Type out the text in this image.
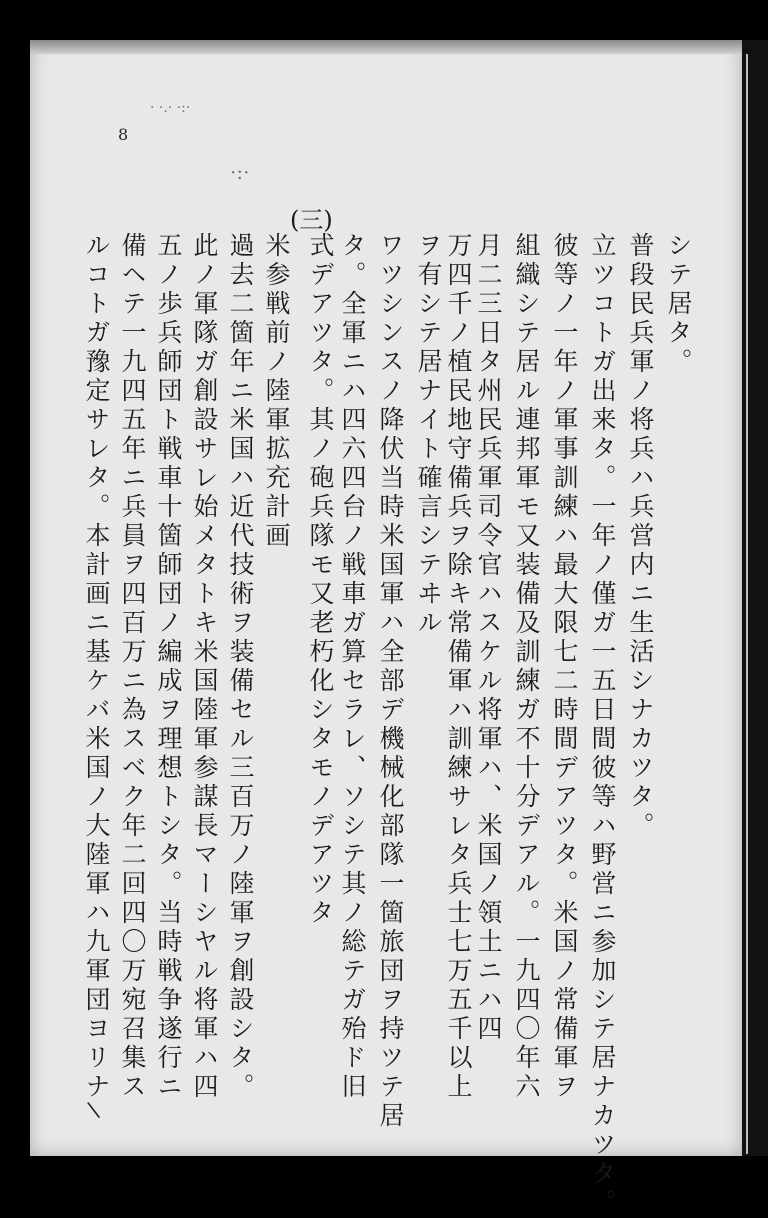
· ·.· ·:·
·:·
8
(三)
シテ居タ。
普段民兵軍ノ将兵ハ兵営内ニ生活シナカツタ。
立ツコトガ出来タ。一年ノ僅ガ一五日間彼等ハ野営ニ参加シテ居ナカツタ。
彼等ノ一年ノ軍事訓練ハ最大限七二時間デアツタ。米国ノ常備軍ヲ
組織シテ居ル連邦軍モ又装備及訓練ガ不十分デアル。一九四〇年六
月二三日タ州民兵軍司令官ハスケル将軍ハ、米国ノ領土ニハ四
万四千ノ植民地守備兵ヲ除キ常備軍ハ訓練サレタ兵士七万五千以上
ヲ有シテ居ナイト確言シテヰル
ワツシンスノ降伏当時米国軍ハ全部デ機械化部隊一箇旅団ヲ持ツテ居
タ。全軍ニハ四六四台ノ戦車ガ算セラレ、ソシテ其ノ総テガ殆ド旧
式デアツタ。其ノ砲兵隊モ又老朽化シタモノデアツタ
米参戦前ノ陸軍拡充計画
過去二箇年ニ米国ハ近代技術ヲ装備セル三百万ノ陸軍ヲ創設シタ。
此ノ軍隊ガ創設サレ始メタトキ米国陸軍参謀長マーシヤル将軍ハ四
五ノ歩兵師団ト戦車十箇師団ノ編成ヲ理想トシタ。当時戦争遂行ニ
備ヘテ一九四五年ニ兵員ヲ四百万ニ為スベク年二回四〇万宛召集ス
ルコトガ豫定サレタ。本計画ニ基ケバ米国ノ大陸軍ハ九軍団ヨリナ
\
